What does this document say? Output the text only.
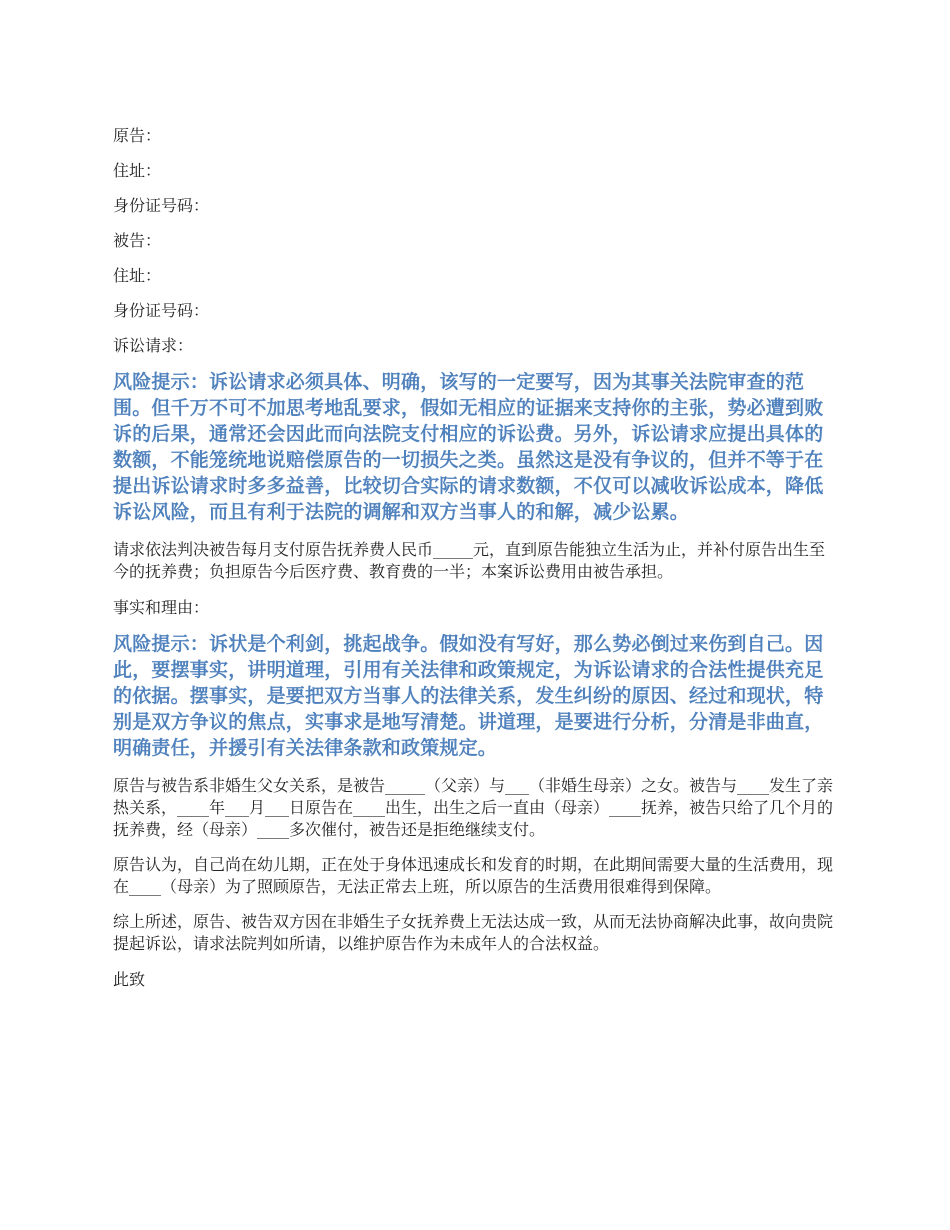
原告：
住址：
身份证号码：
被告：
住址：
身份证号码：
诉讼请求：
风险提示：诉讼请求必须具体、明确，该写的一定要写，因为其事关法院审查的范围。但千万不可不加思考地乱要求，假如无相应的证据来支持你的主张，势必遭到败诉的后果，通常还会因此而向法院支付相应的诉讼费。另外，诉讼请求应提出具体的数额，不能笼统地说赔偿原告的一切损失之类。虽然这是没有争议的，但并不等于在提出诉讼请求时多多益善，比较切合实际的请求数额，不仅可以减收诉讼成本，降低诉讼风险，而且有利于法院的调解和双方当事人的和解，减少讼累。
请求依法判决被告每月支付原告抚养费人民币_____元，直到原告能独立生活为止，并补付原告出生至今的抚养费；负担原告今后医疗费、教育费的一半；本案诉讼费用由被告承担。
事实和理由：
风险提示：诉状是个利剑，挑起战争。假如没有写好，那么势必倒过来伤到自己。因此，要摆事实，讲明道理，引用有关法律和政策规定，为诉讼请求的合法性提供充足的依据。摆事实，是要把双方当事人的法律关系，发生纠纷的原因、经过和现状，特别是双方争议的焦点，实事求是地写清楚。讲道理，是要进行分析，分清是非曲直，明确责任，并援引有关法律条款和政策规定。
原告与被告系非婚生父女关系，是被告_____（父亲）与___（非婚生母亲）之女。被告与____发生了亲热关系，____年___月___日原告在____出生，出生之后一直由（母亲）____抚养，被告只给了几个月的抚养费，经（母亲）____多次催付，被告还是拒绝继续支付。
原告认为，自己尚在幼儿期，正在处于身体迅速成长和发育的时期，在此期间需要大量的生活费用，现在____（母亲）为了照顾原告，无法正常去上班，所以原告的生活费用很难得到保障。
综上所述，原告、被告双方因在非婚生子女抚养费上无法达成一致，从而无法协商解决此事，故向贵院提起诉讼，请求法院判如所请，以维护原告作为未成年人的合法权益。
此致
